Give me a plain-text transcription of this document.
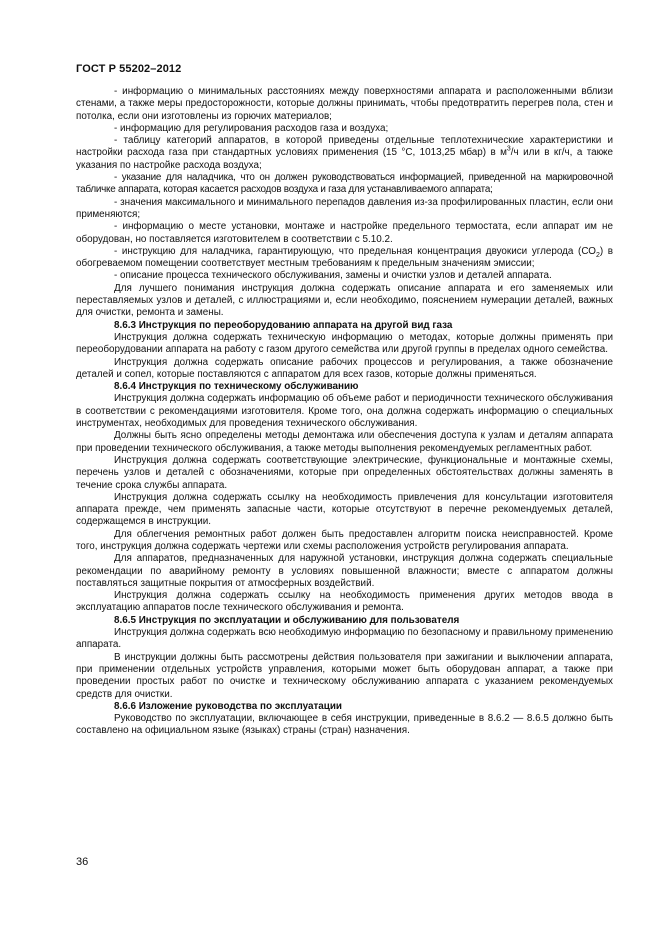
ГОСТ Р 55202–2012

- информацию о минимальных расстояниях между поверхностями аппарата и расположенными вблизи стенами, а также меры предосторожности, которые должны принимать, чтобы предотвратить перегрев пола, стен и потолка, если они изготовлены из горючих материалов;

- информацию для регулирования расходов газа и воздуха;

- таблицу категорий аппаратов, в которой приведены отдельные теплотехнические характеристики и настройки расхода газа при стандартных условиях применения (15 °С, 1013,25 мбар) в $м^3/ч$ или в кг/ч, а также указания по настройке расхода воздуха;

- указание для наладчика, что он должен руководствоваться информацией, приведенной на маркировочной табличке аппарата, которая касается расходов воздуха и газа для устанавливаемого аппарата;

- значения максимального и минимального перепадов давления из-за профилированных пластин, если они применяются;

- информацию о месте установки, монтаже и настройке предельного термостата, если аппарат им не оборудован, но поставляется изготовителем в соответствии с 5.10.2.

- инструкцию для наладчика, гарантирующую, что предельная концентрация двуокиси углерода $(СО_2)$ в обогреваемом помещении соответствует местным требованиям к предельным значениям эмиссии;

- описание процесса технического обслуживания, замены и очистки узлов и деталей аппарата.

Для лучшего понимания инструкция должна содержать описание аппарата и его заменяемых или переставляемых узлов и деталей, с иллюстрациями и, если необходимо, пояснением нумерации деталей, важных для очистки, ремонта и замены.

8.6.3 Инструкция по переоборудованию аппарата на другой вид газа

Инструкция должна содержать техническую информацию о методах, которые должны применять при переоборудовании аппарата на работу с газом другого семейства или другой группы в пределах одного семейства.

Инструкция должна содержать описание рабочих процессов и регулирования, а также обозначение деталей и сопел, которые поставляются с аппаратом для всех газов, которые должны применяться.

8.6.4 Инструкция по техническому обслуживанию

Инструкция должна содержать информацию об объеме работ и периодичности технического обслуживания в соответствии с рекомендациями изготовителя. Кроме того, она должна содержать информацию о специальных инструментах, необходимых для проведения технического обслуживания.

Должны быть ясно определены методы демонтажа или обеспечения доступа к узлам и деталям аппарата при проведении технического обслуживания, а также методы выполнения рекомендуемых регламентных работ.

Инструкция должна содержать соответствующие электрические, функциональные и монтажные схемы, перечень узлов и деталей с обозначениями, которые при определенных обстоятельствах должны заменять в течение срока службы аппарата.

Инструкция должна содержать ссылку на необходимость привлечения для консультации изготовителя аппарата прежде, чем применять запасные части, которые отсутствуют в перечне рекомендуемых деталей, содержащемся в инструкции.

Для облегчения ремонтных работ должен быть предоставлен алгоритм поиска неисправностей. Кроме того, инструкция должна содержать чертежи или схемы расположения устройств регулирования аппарата.

Для аппаратов, предназначенных для наружной установки, инструкция должна содержать специальные рекомендации по аварийному ремонту в условиях повышенной влажности; вместе с аппаратом должны поставляться защитные покрытия от атмосферных воздействий.

Инструкция должна содержать ссылку на необходимость применения других методов ввода в эксплуатацию аппаратов после технического обслуживания и ремонта.

8.6.5 Инструкция по эксплуатации и обслуживанию для пользователя

Инструкция должна содержать всю необходимую информацию по безопасному и правильному применению аппарата.

В инструкции должны быть рассмотрены действия пользователя при зажигании и выключении аппарата, при применении отдельных устройств управления, которыми может быть оборудован аппарат, а также при проведении простых работ по очистке и техническому обслуживанию аппарата с указанием рекомендуемых средств для очистки.

8.6.6 Изложение руководства по эксплуатации

Руководство по эксплуатации, включающее в себя инструкции, приведенные в 8.6.2 — 8.6.5 должно быть составлено на официальном языке (языках) страны (стран) назначения.

36
